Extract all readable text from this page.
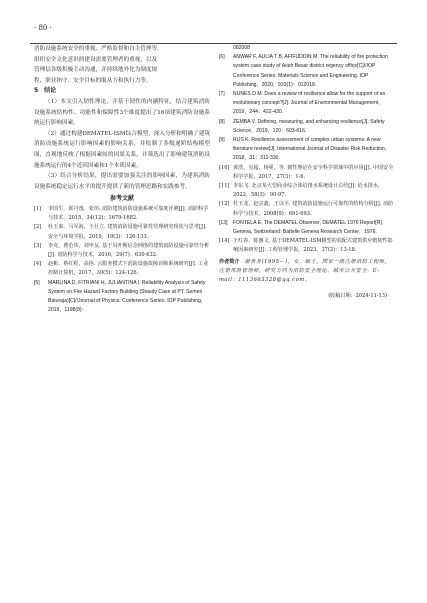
· 80 ·
消防设施系统安全的重视、严格监督和自主管理等，
组织安全文化意识的建设需要管理者的重视，以及
管理层各级积极主动沟通，并持续地外化为制度规
程、职业指守、安全目标的服从力和执行力等。
5　结论

（1）本文引入韧性理论，并基于韧性的内涵特征，结合建筑消防设施系统结构性、功能性和保障性3个维度提出了16项建筑消防设施系统运行影响因素。

（2）通过构建DEMATEL-ISM综合模型，深入分析和明确了建筑消防设施系统运行影响因素的影响关系，并绘制了多级递阶结构模型图，直观地反映了根据因素间的因果关系，并筛选出了影响建筑消防设施系统运行的4个近因因素和1个本质因素。

（3）结合分析结果，提出需要加强关注的影响因素，为建筑消防设施系统稳定运行水平的提升提供了新的管理思路和实践参考。

参考文献
[1] 李国生，邱丹逸，张伟. 消防建筑消防设施系统可靠度评测[J]. 消防科学与技术，2015，34(12)：1679-1682.
[2] 杜玉来，马军海，王壮立. 建筑消防设施可靠性管理研究现状与思考[J]. 安全与环境学报，2019，19(3)：126-133.
[3] 李克，曹范玮，刘申友. 基于贝叶斯信念网络的建筑消防设施可靠性分析[J]. 消防科学与技术，2010，29(7)：630-632.
[4] 赵彬，蔡红程，高艳. 云服务模式下消防设施故障诊断系统研究[J]. 工业控制计算机，2017，30(5)：124-126.
[5] MARLINA D, FITRIANI H, JULIANTINA I. Reliability Analysis of Safety System on Fire Hazard Factory Building (Staudy Case at PT. Semen Baturaja)[C]//Journal of Physics: Conference Series. IOP Publishing，2019，1198(8)：
082008
[6] ANWAR F, AULIA T B, AFIFUDDIN M. The reliability of fire protection system case study of Aceh Besar district regency office[C]//IOP Conference Series: Materials Science and Engineering. IOP Publishing，2020，933(1)：012018.
[7] NUNES D M. Does a review of resilience allow for the support of an evolutionary concept?[J]. Journal of Environmental Management，2019，244：422-430.
[8] ZEMBA V. Defining, measuring, and enhancing resilience[J]. Safety Science，2019，120：603-616.
[9] RUS K. Resilience assessment of complex urban systems: A new literature review[J]. International Journal of Disaster Risk Reduction，2018，31：311-330.
[10] 黄浩，吴超，杨冕，等. 韧性理论在安全科学领域中的应用[J]. 中国安全科学学报，2017，27(3)：1-6.
[11] 李东飞. 北京某大型商业综合体给排水系统设计总结[J]. 给水排水，2022，58(3)：90-97.
[12] 杜玉龙，赵宗鑫，王以平. 建筑消防设施运行可靠性的结构分析[J]. 消防科学与技术，2008(9)：691-693.
[13] FONTELA E. The DEMATEL Observer, DEMATEL 1976 Report[R]. Geneva, Switzerland: Battelle Geneva Research Center，1976.
[14] 王红春，陈雅文. 基于DEMATEL-ISM模型的装配式建筑供应链韧性影响因素研究[J]. 工程管理学报，2023，37(2)：13-18.
作者简介　 谢善务(1995—)，女，硕士，国家一级注册消防工程师，注册风险管理师，研究方向为消防安全理论、城市公共安全。E-mail：1113663328@qq.com。
(收稿日期：2024-11-13)
